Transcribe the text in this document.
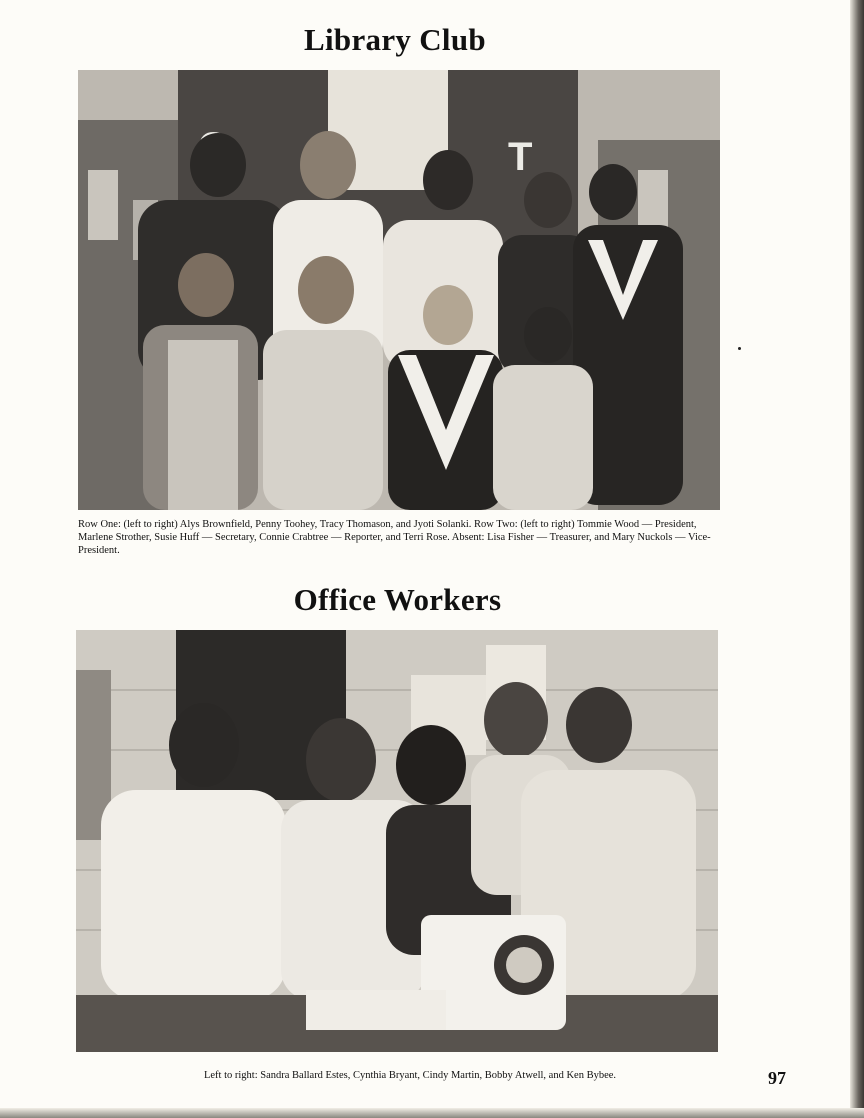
Library Club
T
Row One: (left to right) Alys Brownfield, Penny Toohey, Tracy Thomason, and Jyoti Solanki. Row Two: (left to right) Tommie Wood — President, Marlene Strother, Susie Huff — Secretary, Connie Crabtree — Reporter, and Terri Rose. Absent: Lisa Fisher — Treasurer, and Mary Nuckols — Vice-President.
Office Workers
Left to right: Sandra Ballard Estes, Cynthia Bryant, Cindy Martin, Bobby Atwell, and Ken Bybee.	97
